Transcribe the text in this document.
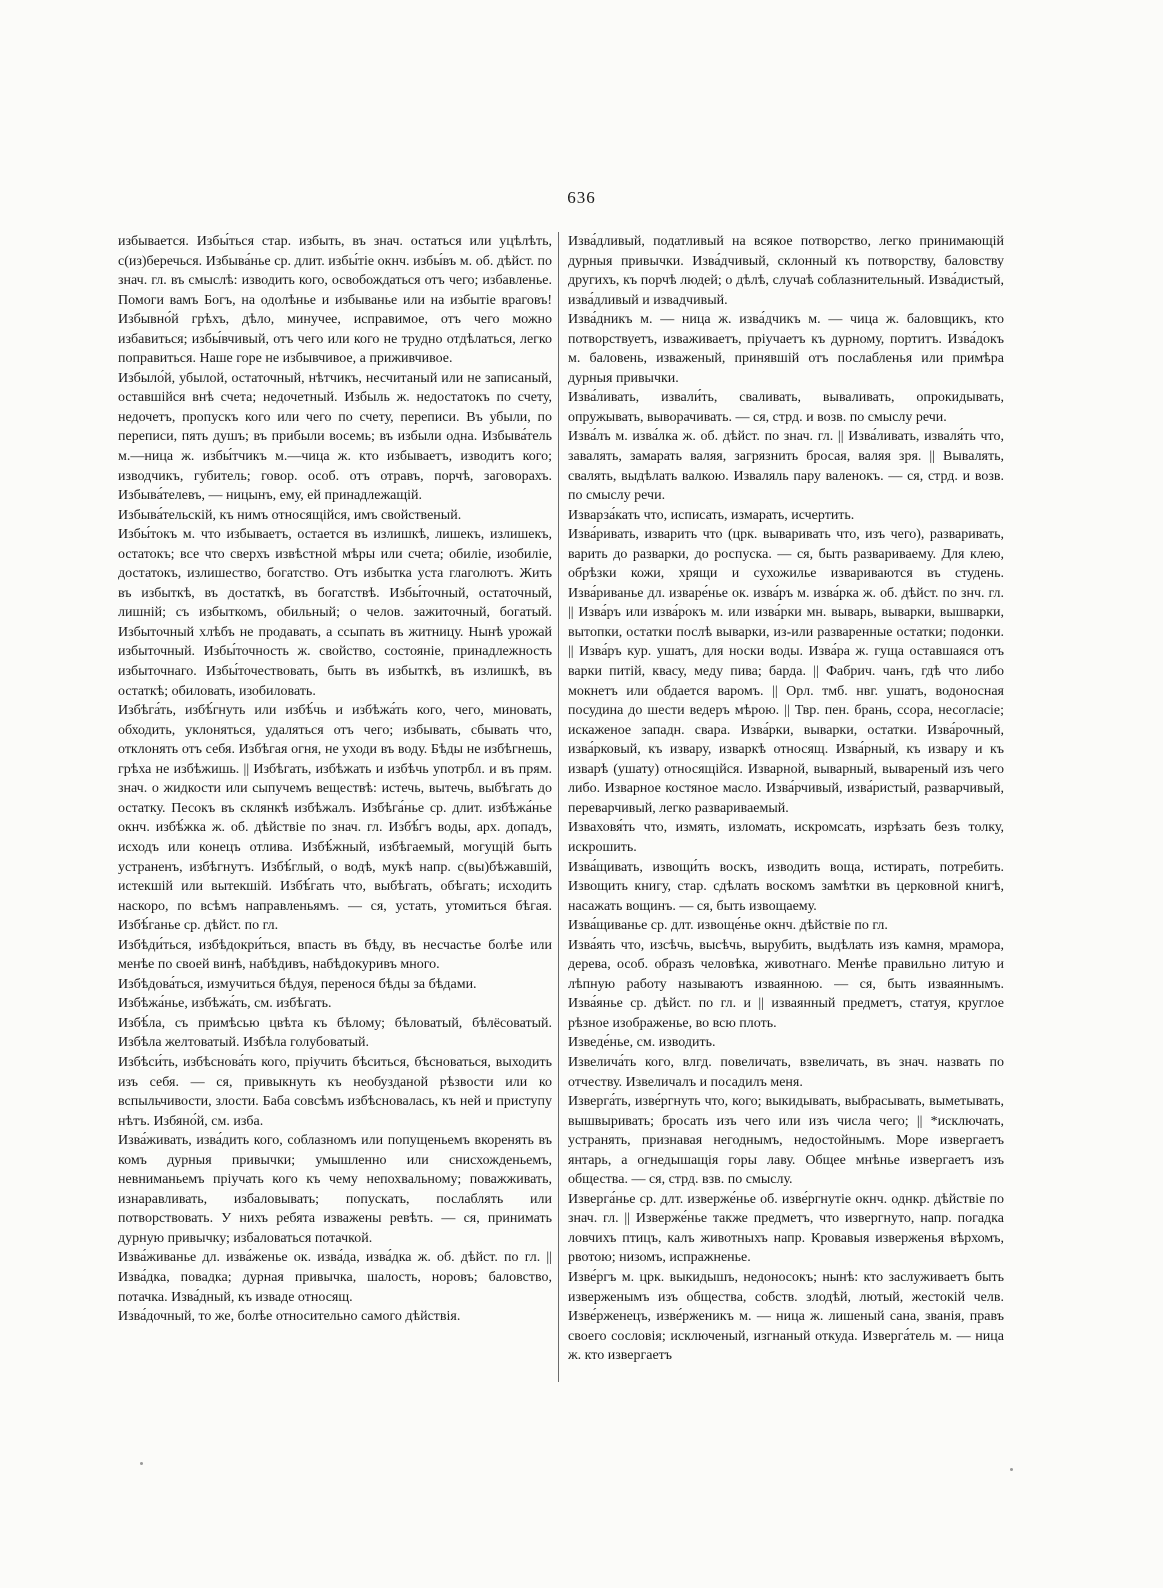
636

избывается. Избы́ться стар. избыть, въ знач. остаться или уцѣлѣть, с(из)беречься. Избыва́нье ср. длит. избы́тіе окнч. избы́въ м. об. дѣйст. по знач. гл. въ смыслѣ: изводить кого, освобождаться отъ чего; избавленье. Помоги вамъ Богъ, на одолѣнье и избыванье или на избытіе враговъ! Избывно́й грѣхъ, дѣло, минучее, исправимое, отъ чего можно избавиться; избы́вчивый, отъ чего или кого не трудно отдѣлаться, легко поправиться. Наше горе не избывчивое, а приживчивое.

Избыло́й, убылой, остаточный, нѣтчикъ, несчитаный или не записаный, оставшійся внѣ счета; недочетный. Избыль ж. недостатокъ по счету, недочетъ, пропускъ кого или чего по счету, переписи. Въ убыли, по переписи, пять душъ; въ прибыли восемь; въ избыли одна. Избыва́тель м.—ница ж. избы́тчикъ м.—чица ж. кто избываетъ, изводитъ кого; изводчикъ, губитель; говор. особ. отъ отравъ, порчѣ, заговорахъ. Избыва́телевъ, — ницынъ, ему, ей принадлежащій.

Избыва́тельскій, къ нимъ относящійся, имъ свойственый.

Избы́токъ м. что избываетъ, остается въ излишкѣ, лишекъ, излишекъ, остатокъ; все что сверхъ извѣстной мѣры или счета; обиліе, изобиліе, достатокъ, излишество, богатство. Отъ избытка уста глаголютъ. Жить въ избыткѣ, въ достаткѣ, въ богатствѣ. Избы́точный, остаточный, лишній; съ избыткомъ, обильный; о челов. зажиточный, богатый. Избыточный хлѣбъ не продавать, а ссыпать въ житницу. Нынѣ урожай избыточный. Избы́точность ж. свойство, состояніе, принадлежность избыточнаго. Избы́точествовать, быть въ избыткѣ, въ излишкѣ, въ остаткѣ; обиловать, изобиловать.

Избѣга́ть, избѣ́гнуть или избѣ́чь и избѣжа́ть кого, чего, миновать, обходить, уклоняться, удаляться отъ чего; избывать, сбывать что, отклонять отъ себя. Избѣгая огня, не уходи въ воду. Бѣды не избѣгнешь, грѣха не избѣжишь. || Избѣгать, избѣжать и избѣчь употрбл. и въ прям. знач. о жидкости или сыпучемъ веществѣ: истечь, вытечь, выбѣгать до остатку. Песокъ въ склянкѣ избѣжалъ. Избѣга́нье ср. длит. избѣжа́нье окнч. избѣ́жка ж. об. дѣйствіе по знач. гл. Избѣ́гъ воды, арх. допадъ, исходъ или конецъ отлива. Избѣ́жный, избѣгаемый, могущій быть устраненъ, избѣгнутъ. Избѣ́глый, о водѣ, мукѣ напр. с(вы)бѣжавшій, истекшій или вытекшій. Избѣ́гать что, выбѣгать, обѣгать; исходить наскоро, по всѣмъ направленьямъ. — ся, устать, утомиться бѣгая. Избѣ́ганье ср. дѣйст. по гл.

Избѣди́ться, избѣдокри́ться, впасть въ бѣду, въ несчастье болѣе или менѣе по своей винѣ, набѣдивъ, набѣдокуривъ много.

Избѣдова́ться, измучиться бѣдуя, перенося бѣды за бѣдами.

Избѣжа́нье, избѣжа́ть, см. избѣгать.

Избѣ́ла, съ примѣсью цвѣта къ бѣлому; бѣловатый, бѣлёсоватый. Избѣла желтоватый. Избѣла голубоватый.

Избѣси́ть, избѣснова́ть кого, пріучить бѣситься, бѣсноваться, выходить изъ себя. — ся, привыкнуть къ необузданой рѣзвости или ко вспыльчивости, злости. Баба совсѣмъ избѣсновалась, къ ней и приступу нѣтъ. Избяно́й, см. изба.

Изва́живать, изва́дить кого, соблазномъ или попущеньемъ вкоренять въ комъ дурныя привычки; умышленно или снисхожденьемъ, невниманьемъ пріучать кого къ чему непохвальному; поважживать, изнаравливать, избаловывать; попускать, послаблять или потворствовать. У нихъ ребята изважены ревѣть. — ся, принимать дурную привычку; избаловаться потачкой.

Изва́живанье дл. изва́женье ок. изва́да, изва́дка ж. об. дѣйст. по гл. || Изва́дка, повадка; дурная привычка, шалость, норовъ; баловство, потачка. Изва́дный, къ изваде относящ.

Изва́дочный, то же, болѣе относительно самого дѣйствія.

Изва́дливый, податливый на всякое потворство, легко принимающій дурныя привычки. Изва́дчивый, склонный къ потворству, баловству другихъ, къ порчѣ людей; о дѣлѣ, случаѣ соблазнительный. Изва́дистый, изва́дливый и извадчивый.

Изва́дникъ м. — ница ж. изва́дчикъ м. — чица ж. баловщикъ, кто потворствуетъ, изваживаетъ, пріучаетъ къ дурному, портитъ. Изва́докъ м. баловень, изваженый, принявшій отъ послабленья или примѣра дурныя привычки.

Изва́ливать, извали́ть, сваливать, вываливать, опрокидывать, опружывать, выворачивать. — ся, стрд. и возв. по смыслу речи.

Изва́лъ м. изва́лка ж. об. дѣйст. по знач. гл. || Изва́ливать, изваля́ть что, завалять, замарать валяя, загрязнить бросая, валяя зря. || Вывалять, свалять, выдѣлать валкою. Изваляль пару валенокъ. — ся, стрд. и возв. по смыслу речи.

Изварза́кать что, исписать, измарать, исчертить.

Изва́ривать, изварить что (црк. вываривать что, изъ чего), разваривать, варить до разварки, до роспуска. — ся, быть развариваему. Для клею, обрѣзки кожи, хрящи и сухожилье извариваются въ студень. Изва́риванье дл. изваре́нье ок. изва́ръ м. изва́рка ж. об. дѣйст. по знч. гл. || Изва́ръ или изва́рокъ м. или изва́рки мн. выварь, выварки, вышварки, вытопки, остатки послѣ выварки, из-или разваренные остатки; подонки. || Изва́ръ кур. ушатъ, для носки воды. Изва́ра ж. гуща оставшаяся отъ варки питій, квасу, меду пива; барда. || Фабрич. чанъ, гдѣ что либо мокнетъ или обдается варомъ. || Орл. тмб. нвг. ушатъ, водоносная посудина до шести ведеръ мѣрою. || Твр. пен. брань, ссора, несогласіе; искаженое западн. свара. Изва́рки, выварки, остатки. Изва́рочный, изва́рковый, къ извару, изваркѣ относящ. Изва́рный, къ извару и къ изварѣ (ушату) относящійся. Изварной, выварный, вывареный изъ чего либо. Изварное костяное масло. Изва́рчивый, изва́ристый, разварчивый, переварчивый, легко развариваемый.

Изваховя́ть что, измять, изломать, искромсать, изрѣзать безъ толку, искрошить.

Изва́щивать, извощи́ть воскъ, изводить воща, истирать, потребить. Извощить книгу, стар. сдѣлать воскомъ замѣтки въ церковной книгѣ, насажать вощинъ. — ся, быть извощаему.

Изва́щиванье ср. длт. извоще́нье окнч. дѣйствіе по гл.

Изва́ять что, изсѣчь, высѣчь, вырубить, выдѣлать изъ камня, мрамора, дерева, особ. образъ человѣка, животнаго. Менѣе правильно литую и лѣпную работу называютъ изваянною. — ся, быть изваяннымъ. Изва́янье ср. дѣйст. по гл. и || изваянный предметъ, статуя, круглое рѣзное изображенье, во всю плоть.

Изведе́нье, см. изводить.

Извелича́ть кого, влгд. повеличать, взвеличать, въ знач. назвать по отчеству. Извеличалъ и посадилъ меня.

Изверга́ть, изве́ргнуть что, кого; выкидывать, выбрасывать, выметывать, вышвыривать; бросать изъ чего или изъ числа чего; || *исключать, устранять, признавая негоднымъ, недостойнымъ. Море извергаетъ янтарь, а огнедышащія горы лаву. Общее мнѣнье извергаетъ изъ общества. — ся, стрд. взв. по смыслу.

Изверга́нье ср. длт. изверже́нье об. изве́ргнутіе окнч. однкр. дѣйствіе по знач. гл. || Изверже́нье также предметъ, что извергнуто, напр. погадка ловчихъ птицъ, калъ животныхъ напр. Кровавыя изверженья вѣрхомъ, рвотою; низомъ, испражненье.

Изве́ргъ м. црк. выкидышъ, недоносокъ; нынѣ: кто заслуживаетъ быть изверженымъ изъ общества, собств. злодѣй, лютый, жестокій челв. Изве́рженецъ, изве́рженикъ м. — ница ж. лишеный сана, званія, правъ своего сословія; исключеный, изгнаный откуда. Изверга́тель м. — ница ж. кто извергаетъ
